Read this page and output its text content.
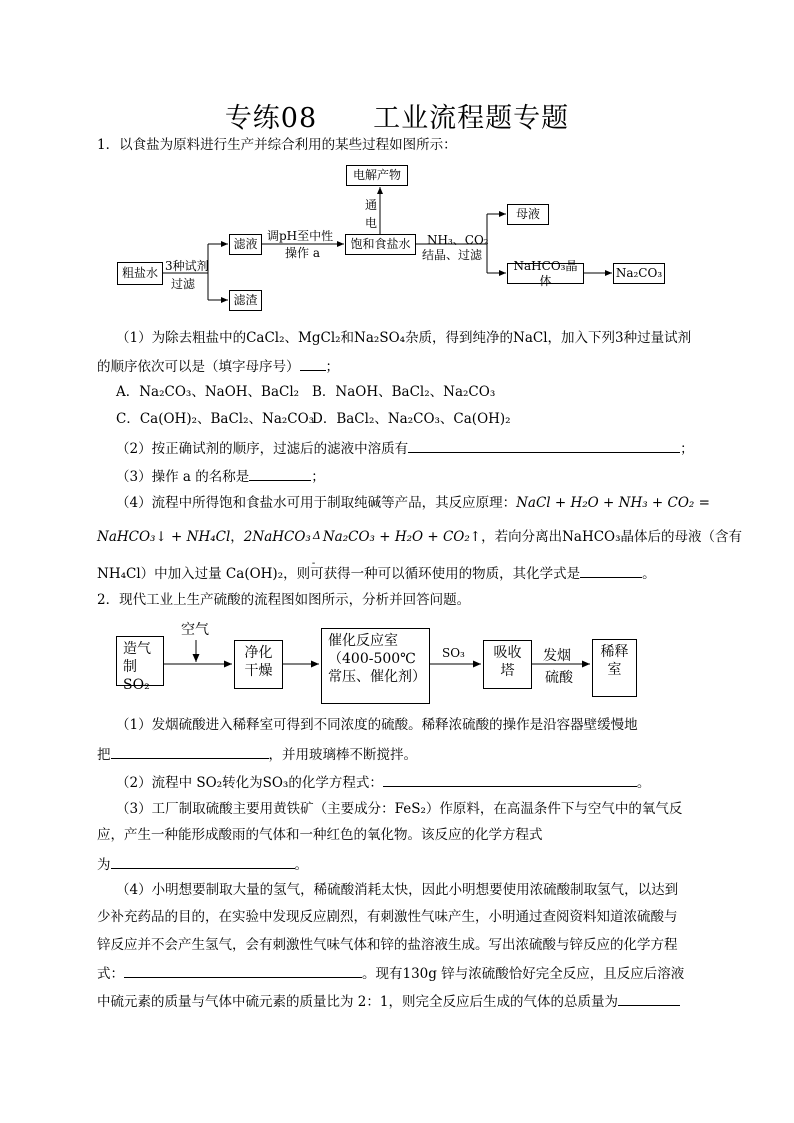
专练08　　工业流程题专题
1．以食盐为原料进行生产并综合利用的某些过程如图所示：
粗盐水
滤液
滤渣
饱和食盐水
电解产物
母液
NaHCO₃晶体
Na₂CO₃
3种试剂
过滤
调pH至中性
操作 a
通
电
NH₃、CO₂
结晶、过滤
（1）为除去粗盐中的CaCl₂、MgCl₂和Na₂SO₄杂质，得到纯净的NaCl，加入下列3种过量试剂
的顺序依次可以是（填字母序号） ；
A．Na₂CO₃、NaOH、BaCl₂ B．NaOH、BaCl₂、Na₂CO₃
C．Ca(OH)₂、BaCl₂、Na₂CO₃
D．BaCl₂、Na₂CO₃、Ca(OH)₂
（2）按正确试剂的顺序，过滤后的滤液中溶质有	；
（3）操作 a 的名称是	；
（4）流程中所得饱和食盐水可用于制取纯碱等产品，其反应原理：NaCl + H₂O + NH₃ + CO₂ =
NaHCO₃↓ + NH₄Cl，2NaHCO₃ Δ
-
Na₂CO₃ + H₂O + CO₂↑，若向分离出NaHCO₃晶体后的母液（含有
NH₄Cl）中加入过量 Ca(OH)₂，则可获得一种可以循环使用的物质，其化学式是	。
2．现代工业上生产硫酸的流程图如图所示，分析并回答问题。
造气
制SO₂
空气
净化
干燥
催化反应室
（400-500℃
常压、催化剂）
SO₃ 吸收
塔
发烟
硫酸
稀释
室
（1）发烟硫酸进入稀释室可得到不同浓度的硫酸。稀释浓硫酸的操作是沿容器壁缓慢地
把	，并用玻璃棒不断搅拌。
（2）流程中 SO₂转化为SO₃的化学方程式：	。
（3）工厂制取硫酸主要用黄铁矿（主要成分：FeS₂）作原料，在高温条件下与空气中的氧气反
应，产生一种能形成酸雨的气体和一种红色的氧化物。该反应的化学方程式
为	。
（4）小明想要制取大量的氢气，稀硫酸消耗太快，因此小明想要使用浓硫酸制取氢气，以达到
少补充药品的目的，在实验中发现反应剧烈，有刺激性气味产生，小明通过查阅资料知道浓硫酸与
锌反应并不会产生氢气，会有刺激性气味气体和锌的盐溶液生成。写出浓硫酸与锌反应的化学方程
式：	。现有130g 锌与浓硫酸恰好完全反应，且反应后溶液
中硫元素的质量与气体中硫元素的质量比为 2：1，则完全反应后生成的气体的总质量为
